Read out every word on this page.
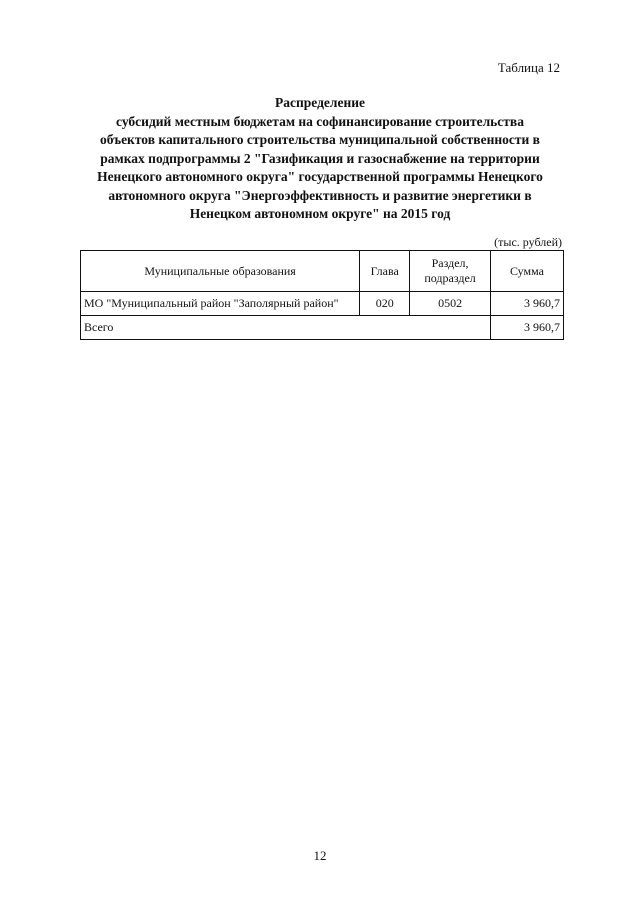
Таблица 12
Распределение
субсидий местным бюджетам на софинансирование строительства
объектов капитального строительства муниципальной собственности в
рамках подпрограммы 2 "Газификация и газоснабжение на территории
Ненецкого автономного округа" государственной программы Ненецкого
автономного округа "Энергоэффективность и развитие энергетики в
Ненецком автономном округе" на 2015 год
(тыс. рублей)
Муниципальные образования	Глава	Раздел,
подраздел	Сумма
МО "Муниципальный район "Заполярный район"	020	0502	3 960,7
Всего			3 960,7
12
